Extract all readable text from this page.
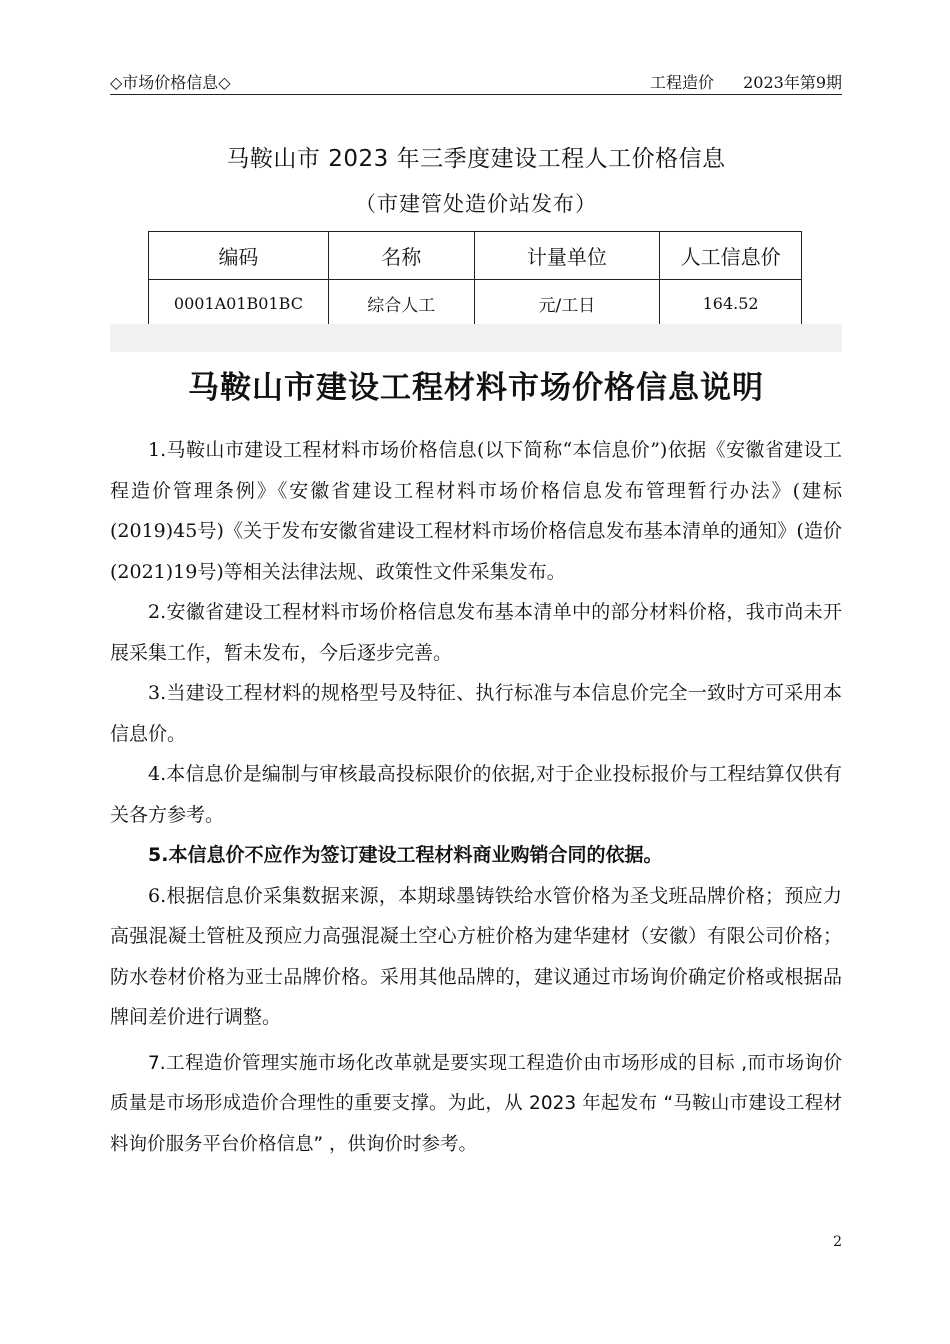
◇市场价格信息◇	工程造价 2023年第9期
马鞍山市 2023 年三季度建设工程人工价格信息
（市建管处造价站发布）
编码	名称	计量单位	人工信息价
0001A01B01BC	综合人工	元/工日	164.52
马鞍山市建设工程材料市场价格信息说明

1.马鞍山市建设工程材料市场价格信息(以下简称“本信息价”)依据《安徽省建设工程造价管理条例》《安徽省建设工程材料市场价格信息发布管理暂行办法》(建标(2019)45号)《关于发布安徽省建设工程材料市场价格信息发布基本清单的通知》(造价(2021)19号)等相关法律法规、政策性文件采集发布。

2.安徽省建设工程材料市场价格信息发布基本清单中的部分材料价格，我市尚未开展采集工作，暂未发布，今后逐步完善。

3.当建设工程材料的规格型号及特征、执行标准与本信息价完全一致时方可采用本信息价。

4.本信息价是编制与审核最高投标限价的依据,对于企业投标报价与工程结算仅供有关各方参考。

5.本信息价不应作为签订建设工程材料商业购销合同的依据。

6.根据信息价采集数据来源，本期球墨铸铁给水管价格为圣戈班品牌价格；预应力高强混凝土管桩及预应力高强混凝土空心方桩价格为建华建材（安徽）有限公司价格；防水卷材价格为亚士品牌价格。采用其他品牌的，建议通过市场询价确定价格或根据品牌间差价进行调整。

7.工程造价管理实施市场化改革就是要实现工程造价由市场形成的目标 ,而市场询价质量是市场形成造价合理性的重要支撑。为此，从 2023 年起发布 “马鞍山市建设工程材料询价服务平台价格信息” ，供询价时参考。

2
